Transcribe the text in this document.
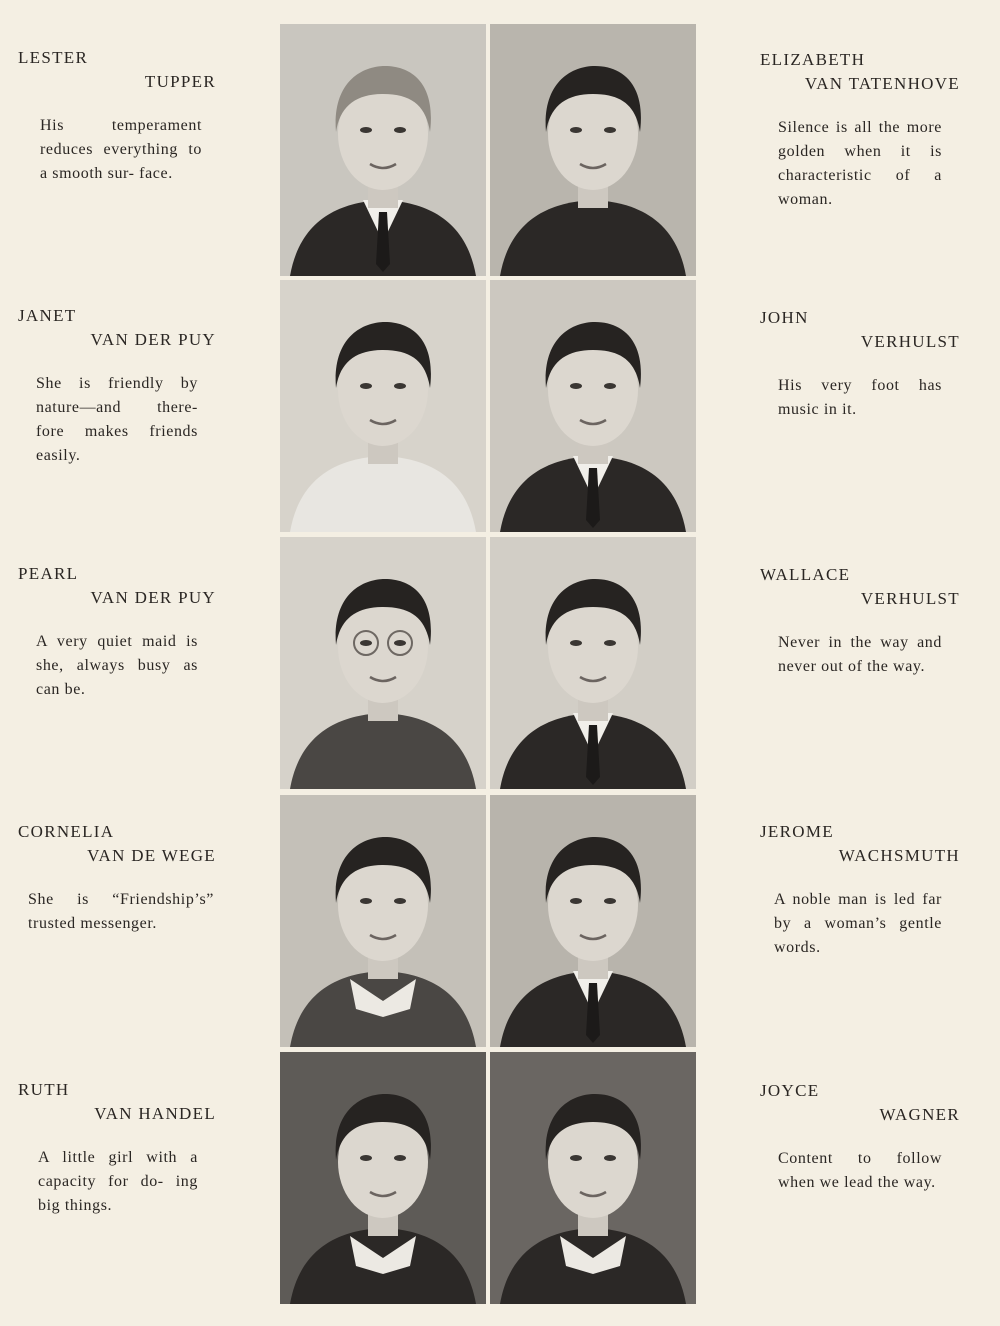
LESTER

TUPPER

His temperament reduces everything to a smooth sur- face.

ELIZABETH

VAN TATENHOVE

Silence is all the more golden when it is characteristic of a woman.

JANET

VAN DER PUY

She is friendly by nature—and there- fore makes friends easily.

JOHN

VERHULST

His very foot has music in it.

PEARL

VAN DER PUY

A very quiet maid is she, always busy as can be.

WALLACE

VERHULST

Never in the way and never out of the way.

CORNELIA

VAN DE WEGE

She is “Friendship’s” trusted messenger.

JEROME

WACHSMUTH

A noble man is led far by a woman’s gentle words.

RUTH

VAN HANDEL

A little girl with a capacity for do- ing big things.

JOYCE

WAGNER

Content to follow when we lead the way.
